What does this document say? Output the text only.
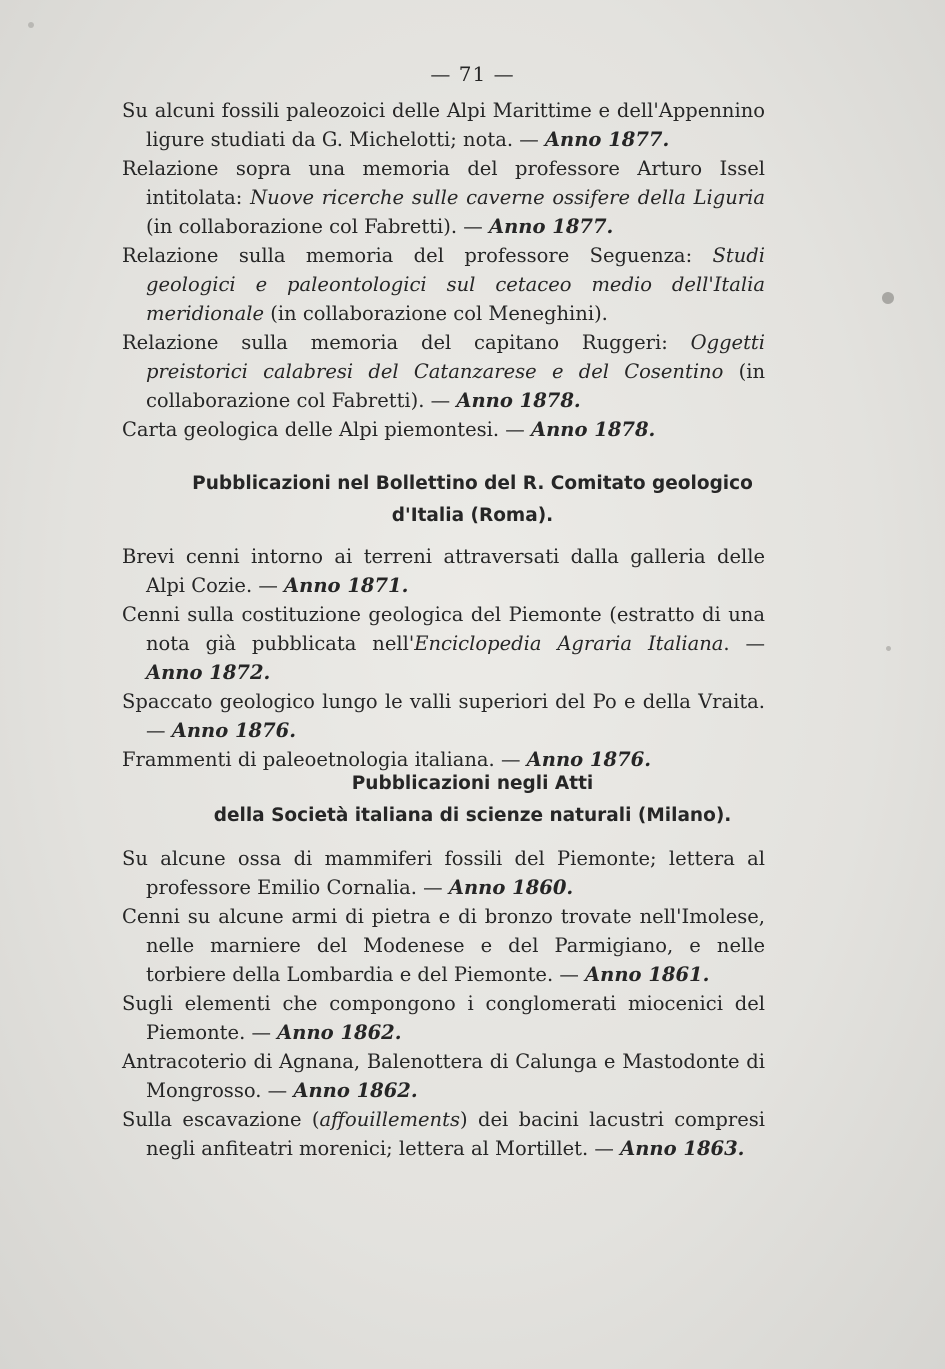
— 71 —

Su alcuni fossili paleozoici delle Alpi Marittime e dell'Appennino ligure studiati da G. Michelotti; nota. — Anno 1877.

Relazione sopra una memoria del professore Arturo Issel intitolata: Nuove ricerche sulle caverne ossifere della Liguria (in collaborazione col Fabretti). — Anno 1877.

Relazione sulla memoria del professore Seguenza: Studi geologici e paleontologici sul cetaceo medio dell'Italia meridionale (in collaborazione col Meneghini).

Relazione sulla memoria del capitano Ruggeri: Oggetti preistorici calabresi del Catanzarese e del Cosentino (in collaborazione col Fabretti). — Anno 1878.

Carta geologica delle Alpi piemontesi. — Anno 1878.

Pubblicazioni nel Bollettino del R. Comitato geologico
d'Italia (Roma).

Brevi cenni intorno ai terreni attraversati dalla galleria delle Alpi Cozie. — Anno 1871.

Cenni sulla costituzione geologica del Piemonte (estratto di una nota già pubblicata nell'Enciclopedia Agraria Italiana. — Anno 1872.

Spaccato geologico lungo le valli superiori del Po e della Vraita. — Anno 1876.

Frammenti di paleoetnologia italiana. — Anno 1876.

Pubblicazioni negli Atti
della Società italiana di scienze naturali (Milano).

Su alcune ossa di mammiferi fossili del Piemonte; lettera al professore Emilio Cornalia. — Anno 1860.

Cenni su alcune armi di pietra e di bronzo trovate nell'Imolese, nelle marniere del Modenese e del Parmigiano, e nelle torbiere della Lombardia e del Piemonte. — Anno 1861.

Sugli elementi che compongono i conglomerati miocenici del Piemonte. — Anno 1862.

Antracoterio di Agnana, Balenottera di Calunga e Mastodonte di Mongrosso. — Anno 1862.

Sulla escavazione (affouillements) dei bacini lacustri compresi negli anfiteatri morenici; lettera al Mortillet. — Anno 1863.
